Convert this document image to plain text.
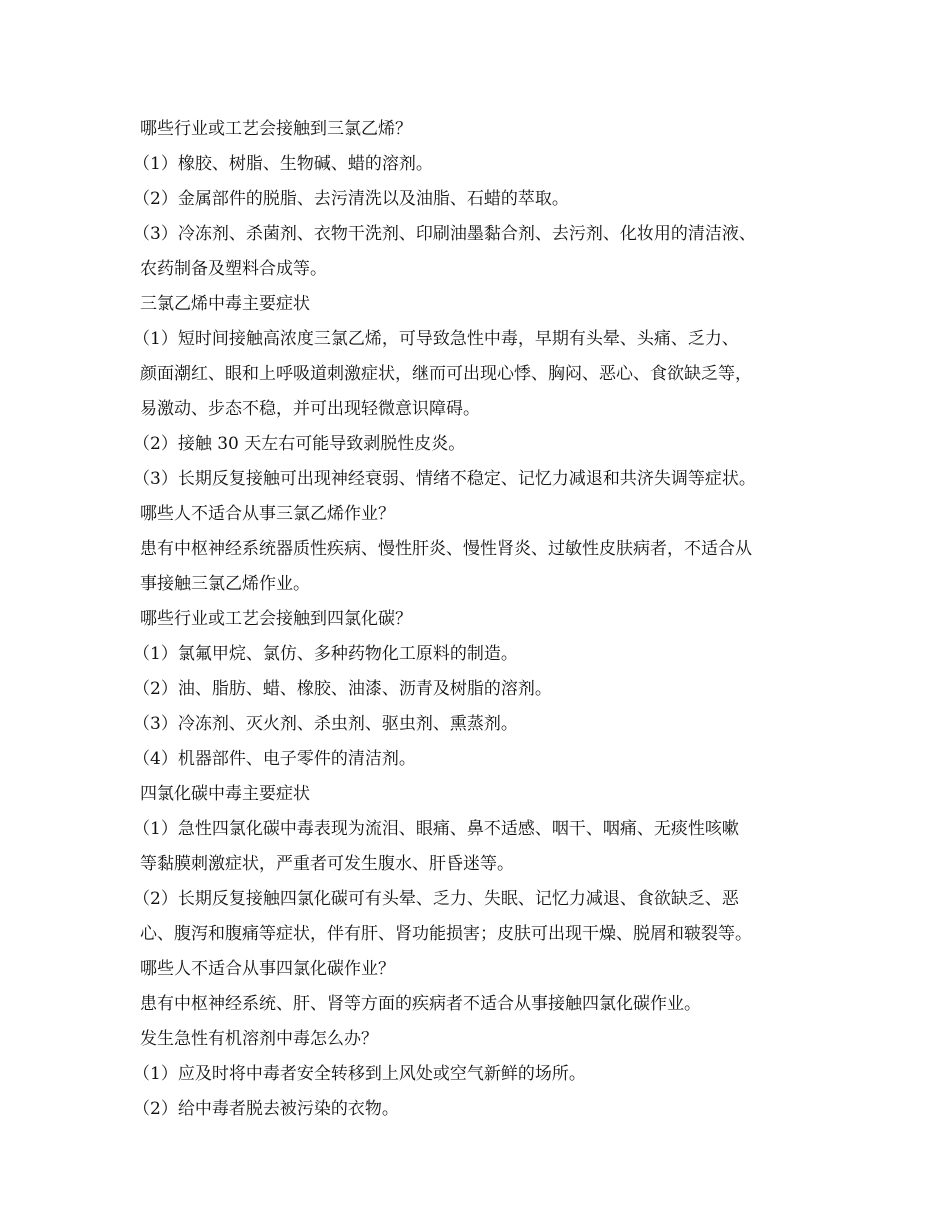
哪些行业或工艺会接触到三氯乙烯？
（1）橡胶、树脂、生物碱、蜡的溶剂。
（2）金属部件的脱脂、去污清洗以及油脂、石蜡的萃取。
（3）冷冻剂、杀菌剂、衣物干洗剂、印刷油墨黏合剂、去污剂、化妆用的清洁液、
农药制备及塑料合成等。
三氯乙烯中毒主要症状
（1）短时间接触高浓度三氯乙烯，可导致急性中毒，早期有头晕、头痛、乏力、
颜面潮红、眼和上呼吸道刺激症状，继而可出现心悸、胸闷、恶心、食欲缺乏等，
易激动、步态不稳，并可出现轻微意识障碍。
（2）接触 30 天左右可能导致剥脱性皮炎。
（3）长期反复接触可出现神经衰弱、情绪不稳定、记忆力减退和共济失调等症状。
哪些人不适合从事三氯乙烯作业？
患有中枢神经系统器质性疾病、慢性肝炎、慢性肾炎、过敏性皮肤病者，不适合从
事接触三氯乙烯作业。
哪些行业或工艺会接触到四氯化碳？
（1）氯氟甲烷、氯仿、多种药物化工原料的制造。
（2）油、脂肪、蜡、橡胶、油漆、沥青及树脂的溶剂。
（3）冷冻剂、灭火剂、杀虫剂、驱虫剂、熏蒸剂。
（4）机器部件、电子零件的清洁剂。
四氯化碳中毒主要症状
（1）急性四氯化碳中毒表现为流泪、眼痛、鼻不适感、咽干、咽痛、无痰性咳嗽
等黏膜刺激症状，严重者可发生腹水、肝昏迷等。
（2）长期反复接触四氯化碳可有头晕、乏力、失眠、记忆力减退、食欲缺乏、恶
心、腹泻和腹痛等症状，伴有肝、肾功能损害；皮肤可出现干燥、脱屑和皲裂等。
哪些人不适合从事四氯化碳作业？
患有中枢神经系统、肝、肾等方面的疾病者不适合从事接触四氯化碳作业。
发生急性有机溶剂中毒怎么办？
（1）应及时将中毒者安全转移到上风处或空气新鲜的场所。
（2）给中毒者脱去被污染的衣物。
